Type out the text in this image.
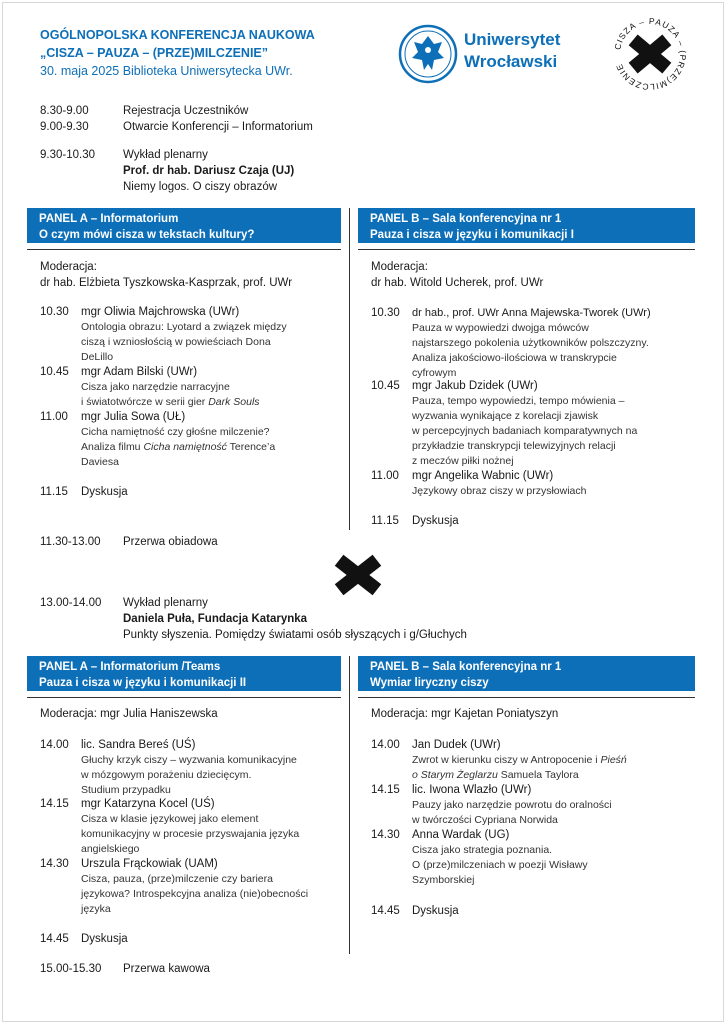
OGÓLNOPOLSKA KONFERENCJA NAUKOWA
„CISZA – PAUZA – (PRZE)MILCZENIE”
30. maja 2025 Biblioteka Uniwersytecka UWr.
Uniwersytet
Wrocławski
CISZA – PAUZA – (PRZE)MILCZENIE
8.30-9.00	Rejestracja Uczestników
9.00-9.30	Otwarcie Konferencji – Informatorium
9.30-10.30 Wykład plenarny
Prof. dr hab. Dariusz Czaja (UJ)
Niemy logos. O ciszy obrazów
PANEL A – Informatorium
O czym mówi cisza w tekstach kultury?
PANEL B – Sala konferencyjna nr 1
Pauza i cisza w języku i komunikacji I
Moderacja:
dr hab. Elżbieta Tyszkowska-Kasprzak, prof. UWr
10.30 mgr Oliwia Majchrowska (UWr)
Ontologia obrazu: Lyotard a związek między
ciszą i wzniosłością w powieściach Dona
DeLillo
10.45 mgr Adam Bilski (UWr)
Cisza jako narzędzie narracyjne
i światotwórcze w serii gier Dark Souls
11.00 mgr Julia Sowa (UŁ)
Cicha namiętność czy głośne milczenie?
Analiza filmu Cicha namiętność Terence’a
Daviesa
11.15 Dyskusja
Moderacja:
dr hab. Witold Ucherek, prof. UWr
10.30 dr hab., prof. UWr Anna Majewska-Tworek (UWr)
Pauza w wypowiedzi dwojga mówców
najstarszego pokolenia użytkowników polszczyzny.
Analiza jakościowo-ilościowa w transkrypcie
cyfrowym
10.45 mgr Jakub Dzidek (UWr)
Pauza, tempo wypowiedzi, tempo mówienia –
wyzwania wynikające z korelacji zjawisk
w percepcyjnych badaniach komparatywnych na
przykładzie transkrypcji telewizyjnych relacji
z meczów piłki nożnej
11.00 mgr Angelika Wabnic (UWr)
Językowy obraz ciszy w przysłowiach
11.15 Dyskusja
11.30-13.00 Przerwa obiadowa
13.00-14.00 Wykład plenarny
Daniela Puła, Fundacja Katarynka
Punkty słyszenia. Pomiędzy światami osób słyszących i g/Głuchych
PANEL A – Informatorium /Teams
Pauza i cisza w języku i komunikacji II
PANEL B – Sala konferencyjna nr 1
Wymiar liryczny ciszy
Moderacja: mgr Julia Haniszewska
14.00 lic. Sandra Bereś (UŚ)
Głuchy krzyk ciszy – wyzwania komunikacyjne
w mózgowym porażeniu dziecięcym.
Studium przypadku
14.15 mgr Katarzyna Kocel (UŚ)
Cisza w klasie językowej jako element
komunikacyjny w procesie przyswajania języka
angielskiego
14.30 Urszula Frąckowiak (UAM)
Cisza, pauza, (prze)milczenie czy bariera
językowa? Introspekcyjna analiza (nie)obecności
języka
14.45 Dyskusja
Moderacja: mgr Kajetan Poniatyszyn
14.00 Jan Dudek (UWr)
Zwrot w kierunku ciszy w Antropocenie i Pieśń
o Starym Żeglarzu Samuela Taylora
14.15 lic. Iwona Wlazło (UWr)
Pauzy jako narzędzie powrotu do oralności
w twórczości Cypriana Norwida
14.30 Anna Wardak (UG)
Cisza jako strategia poznania.
O (prze)milczeniach w poezji Wisławy
Szymborskiej
14.45 Dyskusja
15.00-15.30 Przerwa kawowa
